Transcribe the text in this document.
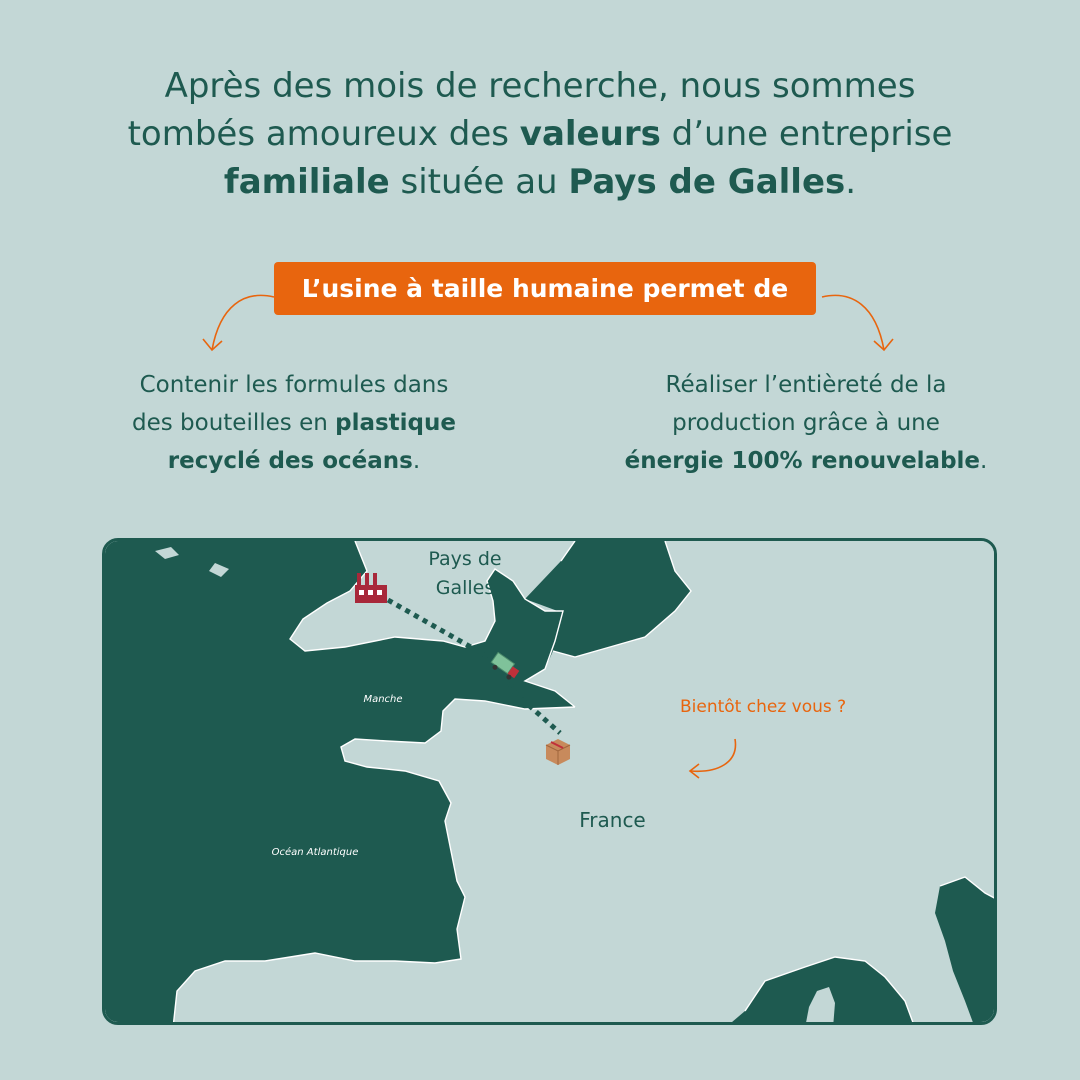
Après des mois de recherche, nous sommes
tombés amoureux des valeurs d’une entreprise
familiale située au Pays de Galles.
L’usine à taille humaine permet de
Contenir les formules dans
des bouteilles en plastique
recyclé des océans.
Réaliser l’entièreté de la
production grâce à une
énergie 100% renouvelable.
Pays de Galles
Manche
Océan Atlantique
France
Bientôt chez vous ?
